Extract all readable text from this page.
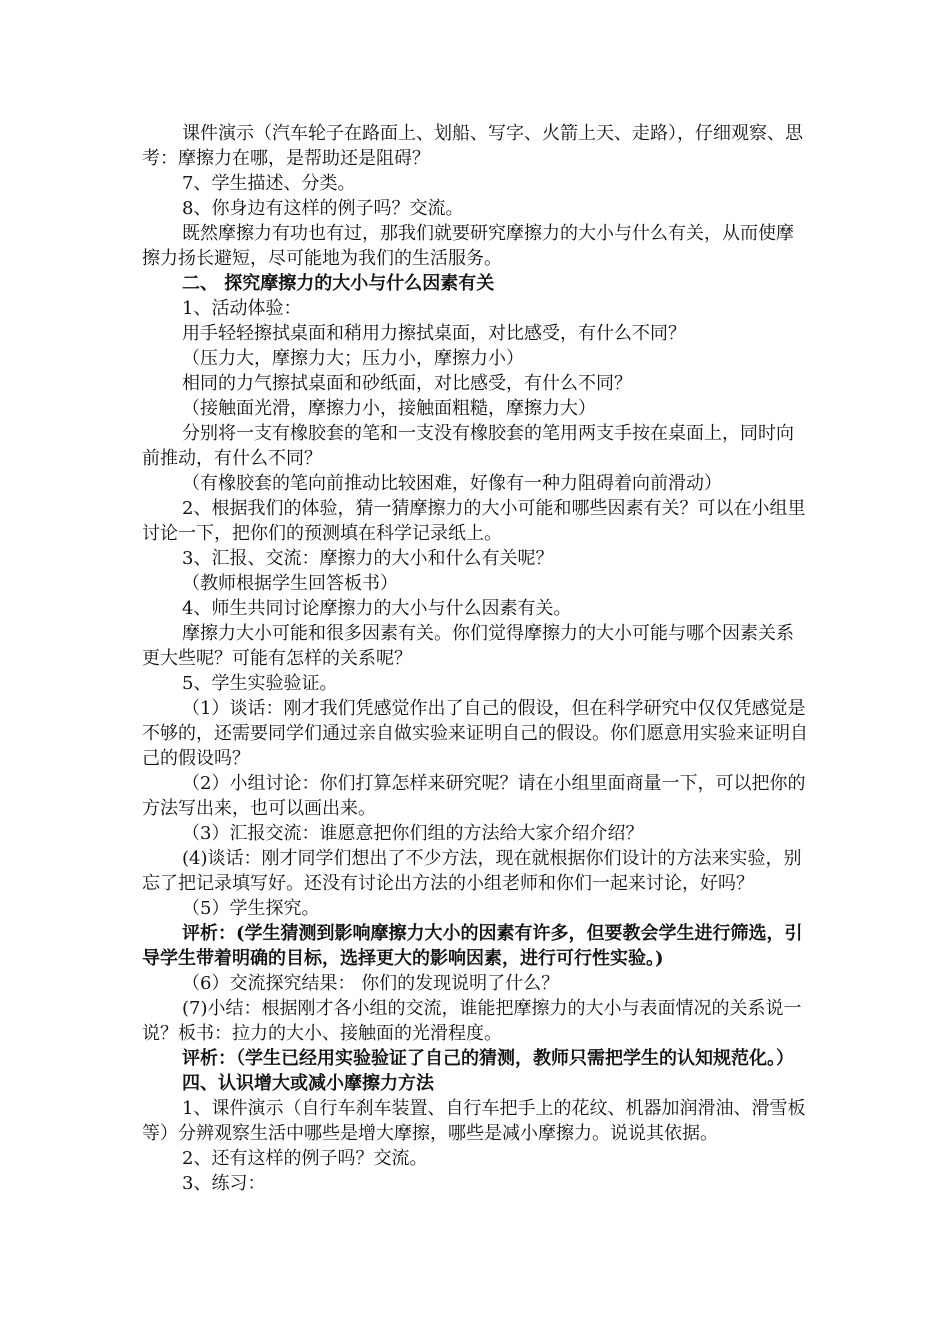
课件演示（汽车轮子在路面上、划船、写字、火箭上天、走路），仔细观察、思考：摩擦力在哪，是帮助还是阻碍？

7、学生描述、分类。

8、你身边有这样的例子吗？交流。

既然摩擦力有功也有过，那我们就要研究摩擦力的大小与什么有关，从而使摩擦力扬长避短，尽可能地为我们的生活服务。

二、 探究摩擦力的大小与什么因素有关

1、活动体验：

用手轻轻擦拭桌面和稍用力擦拭桌面，对比感受，有什么不同？

（压力大，摩擦力大；压力小，摩擦力小）

相同的力气擦拭桌面和砂纸面，对比感受，有什么不同？

（接触面光滑，摩擦力小，接触面粗糙，摩擦力大）

分别将一支有橡胶套的笔和一支没有橡胶套的笔用两支手按在桌面上，同时向前推动，有什么不同？

（有橡胶套的笔向前推动比较困难，好像有一种力阻碍着向前滑动）

2、根据我们的体验，猜一猜摩擦力的大小可能和哪些因素有关？可以在小组里讨论一下，把你们的预测填在科学记录纸上。

3、汇报、交流：摩擦力的大小和什么有关呢？

（教师根据学生回答板书）

4、师生共同讨论摩擦力的大小与什么因素有关。

摩擦力大小可能和很多因素有关。你们觉得摩擦力的大小可能与哪个因素关系更大些呢？可能有怎样的关系呢？

5、学生实验验证。

（1）谈话：刚才我们凭感觉作出了自己的假设，但在科学研究中仅仅凭感觉是不够的，还需要同学们通过亲自做实验来证明自己的假设。你们愿意用实验来证明自己的假设吗？

（2）小组讨论：你们打算怎样来研究呢？请在小组里面商量一下，可以把你的方法写出来，也可以画出来。

（3）汇报交流：谁愿意把你们组的方法给大家介绍介绍？

(4)谈话：刚才同学们想出了不少方法，现在就根据你们设计的方法来实验，别忘了把记录填写好。还没有讨论出方法的小组老师和你们一起来讨论，好吗？

（5）学生探究。

评析：(学生猜测到影响摩擦力大小的因素有许多，但要教会学生进行筛选，引导学生带着明确的目标，选择更大的影响因素，进行可行性实验。)

（6）交流探究结果： 你们的发现说明了什么？

(7)小结：根据刚才各小组的交流，谁能把摩擦力的大小与表面情况的关系说一说？板书：拉力的大小、接触面的光滑程度。

评析：（学生已经用实验验证了自己的猜测，教师只需把学生的认知规范化。）

四、认识增大或减小摩擦力方法

1、课件演示（自行车刹车装置、自行车把手上的花纹、机器加润滑油、滑雪板等）分辨观察生活中哪些是增大摩擦，哪些是减小摩擦力。说说其依据。

2、还有这样的例子吗？交流。

3、练习：
